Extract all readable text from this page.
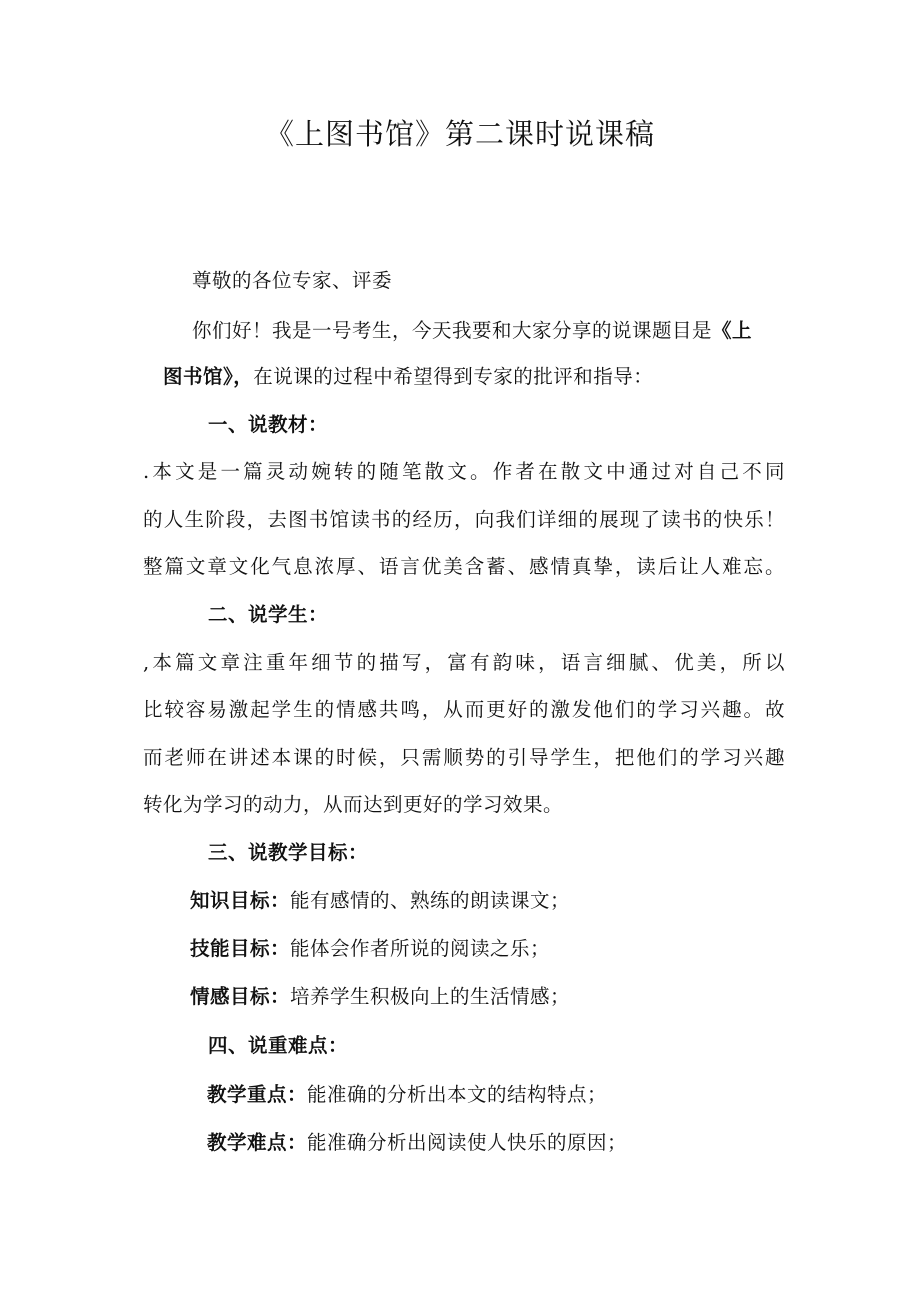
《上图书馆》第二课时说课稿
尊敬的各位专家、评委
你们好！我是一号考生，今天我要和大家分享的说课题目是《上
图书馆》，在说课的过程中希望得到专家的批评和指导：
一、说教材：
.本文是一篇灵动婉转的随笔散文。作者在散文中通过对自己不同
的人生阶段，去图书馆读书的经历，向我们详细的展现了读书的快乐！
整篇文章文化气息浓厚、语言优美含蓄、感情真挚，读后让人难忘。
二、说学生：
,本篇文章注重年细节的描写，富有韵味，语言细腻、优美，所以
比较容易激起学生的情感共鸣，从而更好的激发他们的学习兴趣。故
而老师在讲述本课的时候，只需顺势的引导学生，把他们的学习兴趣
转化为学习的动力，从而达到更好的学习效果。
三、说教学目标：
知识目标：能有感情的、熟练的朗读课文；
技能目标：能体会作者所说的阅读之乐；
情感目标：培养学生积极向上的生活情感；
四、说重难点：
教学重点：能准确的分析出本文的结构特点；
教学难点：能准确分析出阅读使人快乐的原因；
